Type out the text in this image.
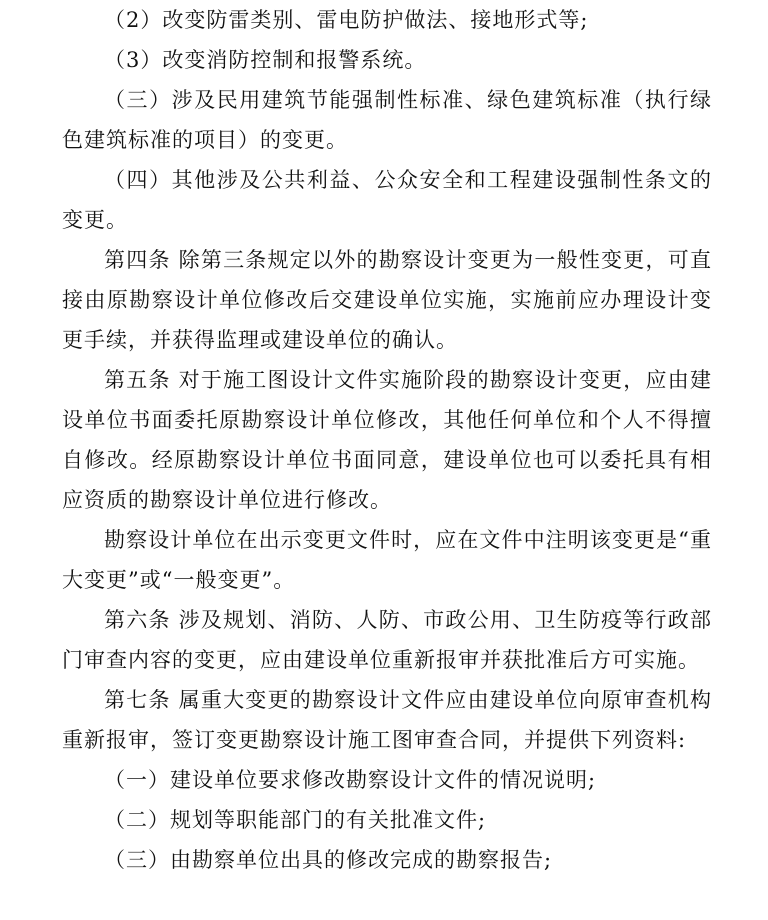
（2）改变防雷类别、雷电防护做法、接地形式等;

（3）改变消防控制和报警系统。

（三）涉及民用建筑节能强制性标准、绿色建筑标准（执行绿色建筑标准的项目）的变更。

（四）其他涉及公共利益、公众安全和工程建设强制性条文的变更。

第四条 除第三条规定以外的勘察设计变更为一般性变更，可直接由原勘察设计单位修改后交建设单位实施，实施前应办理设计变更手续，并获得监理或建设单位的确认。

第五条 对于施工图设计文件实施阶段的勘察设计变更，应由建设单位书面委托原勘察设计单位修改，其他任何单位和个人不得擅自修改。经原勘察设计单位书面同意，建设单位也可以委托具有相应资质的勘察设计单位进行修改。

勘察设计单位在出示变更文件时，应在文件中注明该变更是“重大变更”或“一般变更”。

第六条 涉及规划、消防、人防、市政公用、卫生防疫等行政部门审查内容的变更，应由建设单位重新报审并获批准后方可实施。

第七条 属重大变更的勘察设计文件应由建设单位向原审查机构重新报审，签订变更勘察设计施工图审查合同，并提供下列资料:

（一）建设单位要求修改勘察设计文件的情况说明;

（二）规划等职能部门的有关批准文件;

（三）由勘察单位出具的修改完成的勘察报告;
